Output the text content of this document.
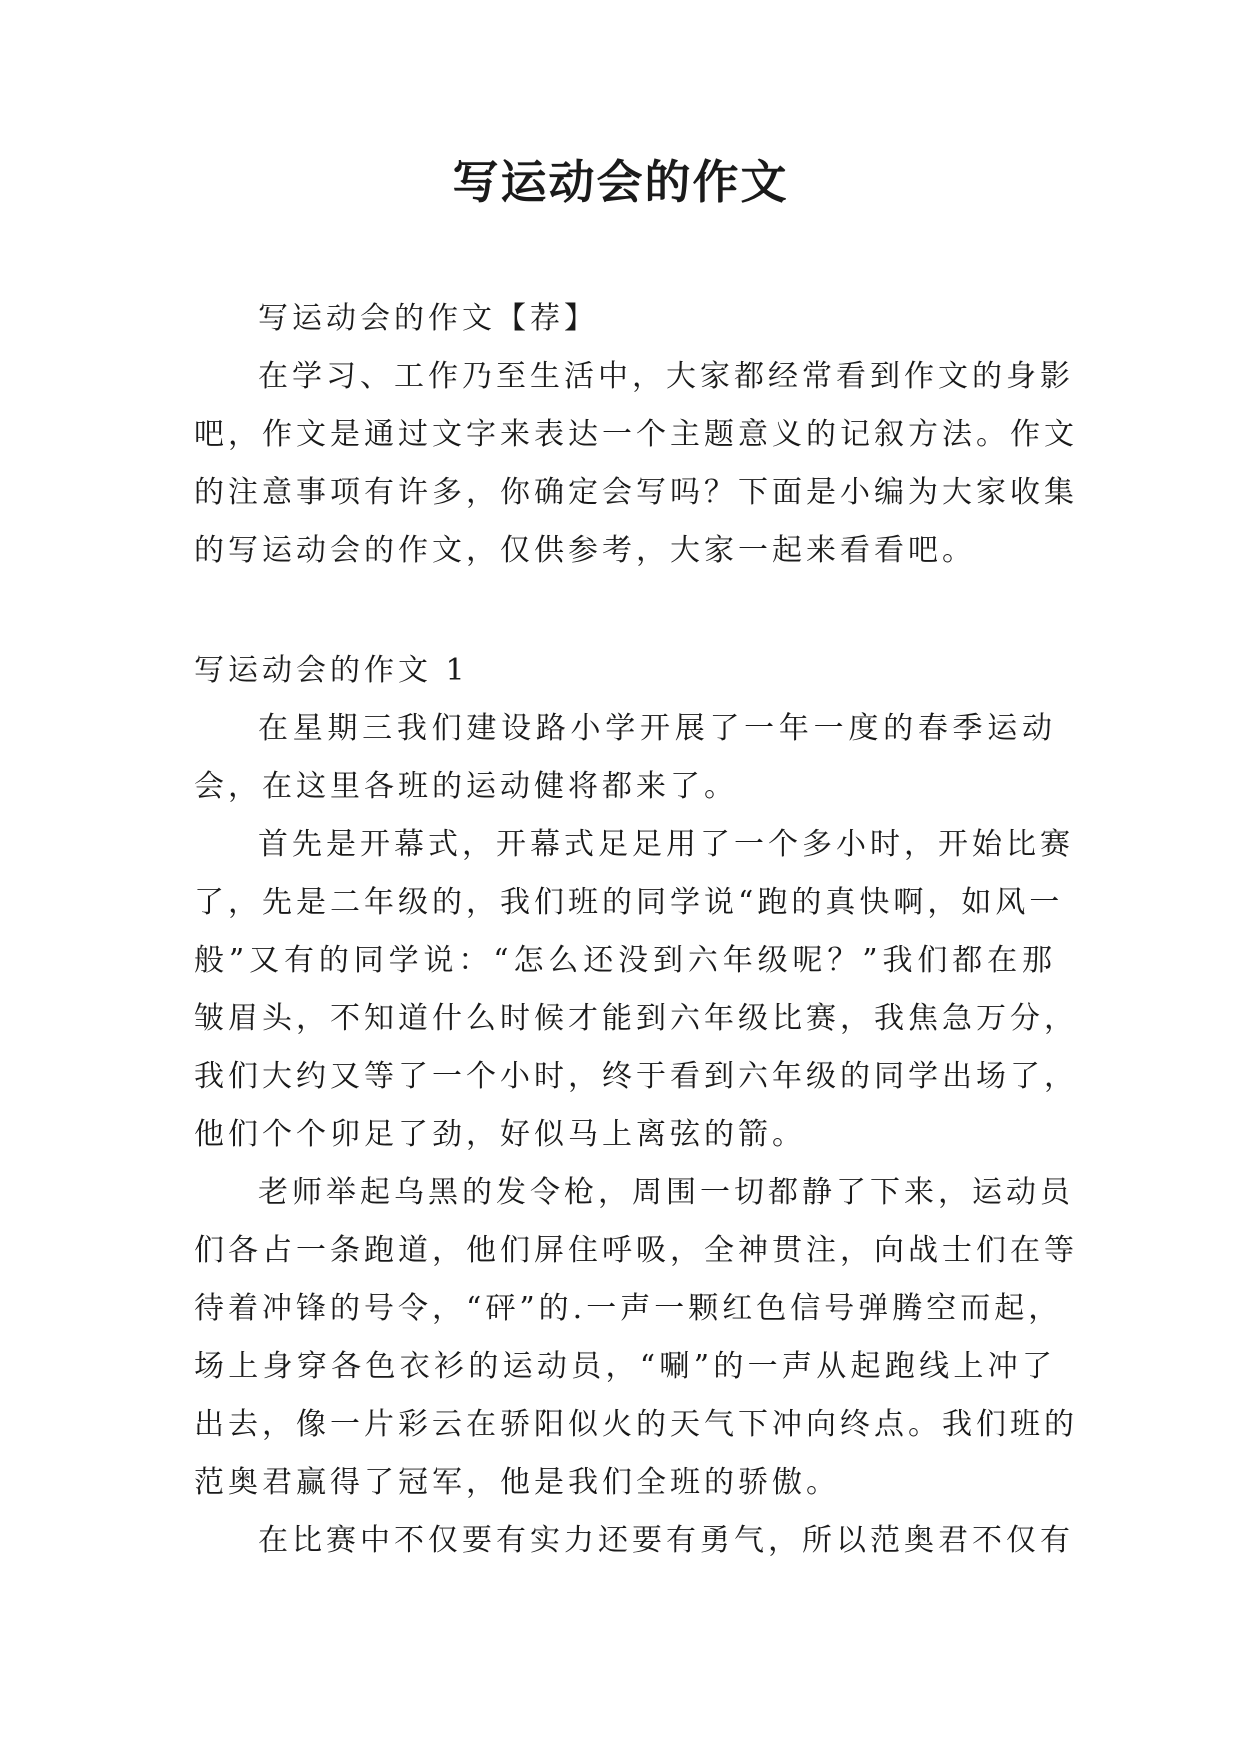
写运动会的作文
写运动会的作文【荐】
在学习、工作乃至生活中，大家都经常看到作文的身影
吧，作文是通过文字来表达一个主题意义的记叙方法。作文
的注意事项有许多，你确定会写吗？下面是小编为大家收集
的写运动会的作文，仅供参考，大家一起来看看吧。
写运动会的作文 1
在星期三我们建设路小学开展了一年一度的春季运动
会，在这里各班的运动健将都来了。
首先是开幕式，开幕式足足用了一个多小时，开始比赛
了，先是二年级的，我们班的同学说“跑的真快啊，如风一
般”又有的同学说：“怎么还没到六年级呢？”我们都在那
皱眉头，不知道什么时候才能到六年级比赛，我焦急万分，
我们大约又等了一个小时，终于看到六年级的同学出场了，
他们个个卯足了劲，好似马上离弦的箭。
老师举起乌黑的发令枪，周围一切都静了下来，运动员
们各占一条跑道，他们屏住呼吸，全神贯注，向战士们在等
待着冲锋的号令，“砰”的.一声一颗红色信号弹腾空而起，
场上身穿各色衣衫的运动员，“唰”的一声从起跑线上冲了
出去，像一片彩云在骄阳似火的天气下冲向终点。我们班的
范奥君赢得了冠军，他是我们全班的骄傲。
在比赛中不仅要有实力还要有勇气，所以范奥君不仅有
